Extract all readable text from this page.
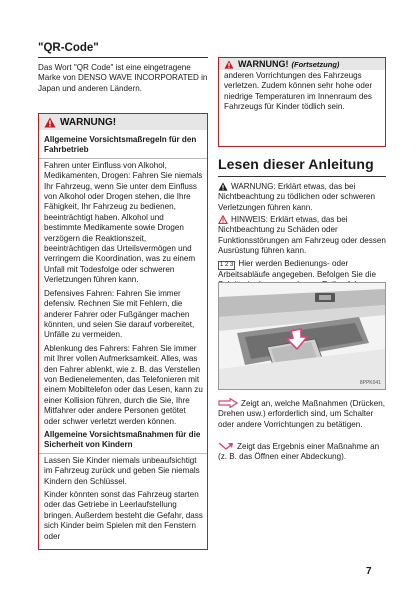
"QR-Code"
Das Wort "QR Code" ist eine eingetragene Marke von DENSO WAVE INCORPORATED in Japan und anderen Ländern.
WARNUNG!
Allgemeine Vorsichtsmaßregeln für den Fahrbetrieb
Fahren unter Einfluss von Alkohol, Medikamenten, Drogen: Fahren Sie niemals Ihr Fahrzeug, wenn Sie unter dem Einfluss von Alkohol oder Drogen stehen, die Ihre Fähigkeit, Ihr Fahrzeug zu bedienen, beeinträchtigt haben. Alkohol und bestimmte Medikamente sowie Drogen verzögern die Reaktionszeit, beeinträchtigen das Urteilsvermögen und verringern die Koordination, was zu einem Unfall mit Todesfolge oder schweren Verletzungen führen kann.
Defensives Fahren: Fahren Sie immer defensiv. Rechnen Sie mit Fehlern, die anderer Fahrer oder Fußgänger machen könnten, und seien Sie darauf vorbereitet, Unfälle zu vermeiden.
Ablenkung des Fahrers: Fahren Sie immer mit Ihrer vollen Aufmerksamkeit. Alles, was den Fahrer ablenkt, wie z. B. das Verstellen von Bedienelementen, das Telefonieren mit einem Mobiltelefon oder das Lesen, kann zu einer Kollision führen, durch die Sie, Ihre Mitfahrer oder andere Personen getötet oder schwer verletzt werden können.
Allgemeine Vorsichtsmaßnahmen für die Sicherheit von Kindern
Lassen Sie Kinder niemals unbeaufsichtigt im Fahrzeug zurück und geben Sie niemals Kindern den Schlüssel.
Kinder könnten sonst das Fahrzeug starten oder das Getriebe in Leerlaufstellung bringen. Außerdem besteht die Gefahr, dass sich Kinder beim Spielen mit den Fenstern oder
WARNUNG! (Fortsetzung)
anderen Vorrichtungen des Fahrzeugs verletzen. Zudem können sehr hohe oder niedrige Temperaturen im Innenraum des Fahrzeugs für Kinder tödlich sein.
Lesen dieser Anleitung
WARNUNG: Erklärt etwas, das bei Nichtbeachtung zu tödlichen oder schweren Verletzungen führen kann.
HINWEIS: Erklärt etwas, das bei Nichtbeachtung zu Schäden oder Funktionsstörungen am Fahrzeug oder dessen Ausrüstung führen kann.
1 2 3 Hier werden Bedienungs- oder Arbeitsabläufe angegeben. Befolgen Sie die
8PPK041
Zeigt an, welche Maßnahmen (Drücken, Drehen usw.) erforderlich sind, um Schalter oder andere Vorrichtungen zu betätigen.
Zeigt das Ergebnis einer Maßnahme an (z. B. das Öffnen einer Abdeckung).
7
